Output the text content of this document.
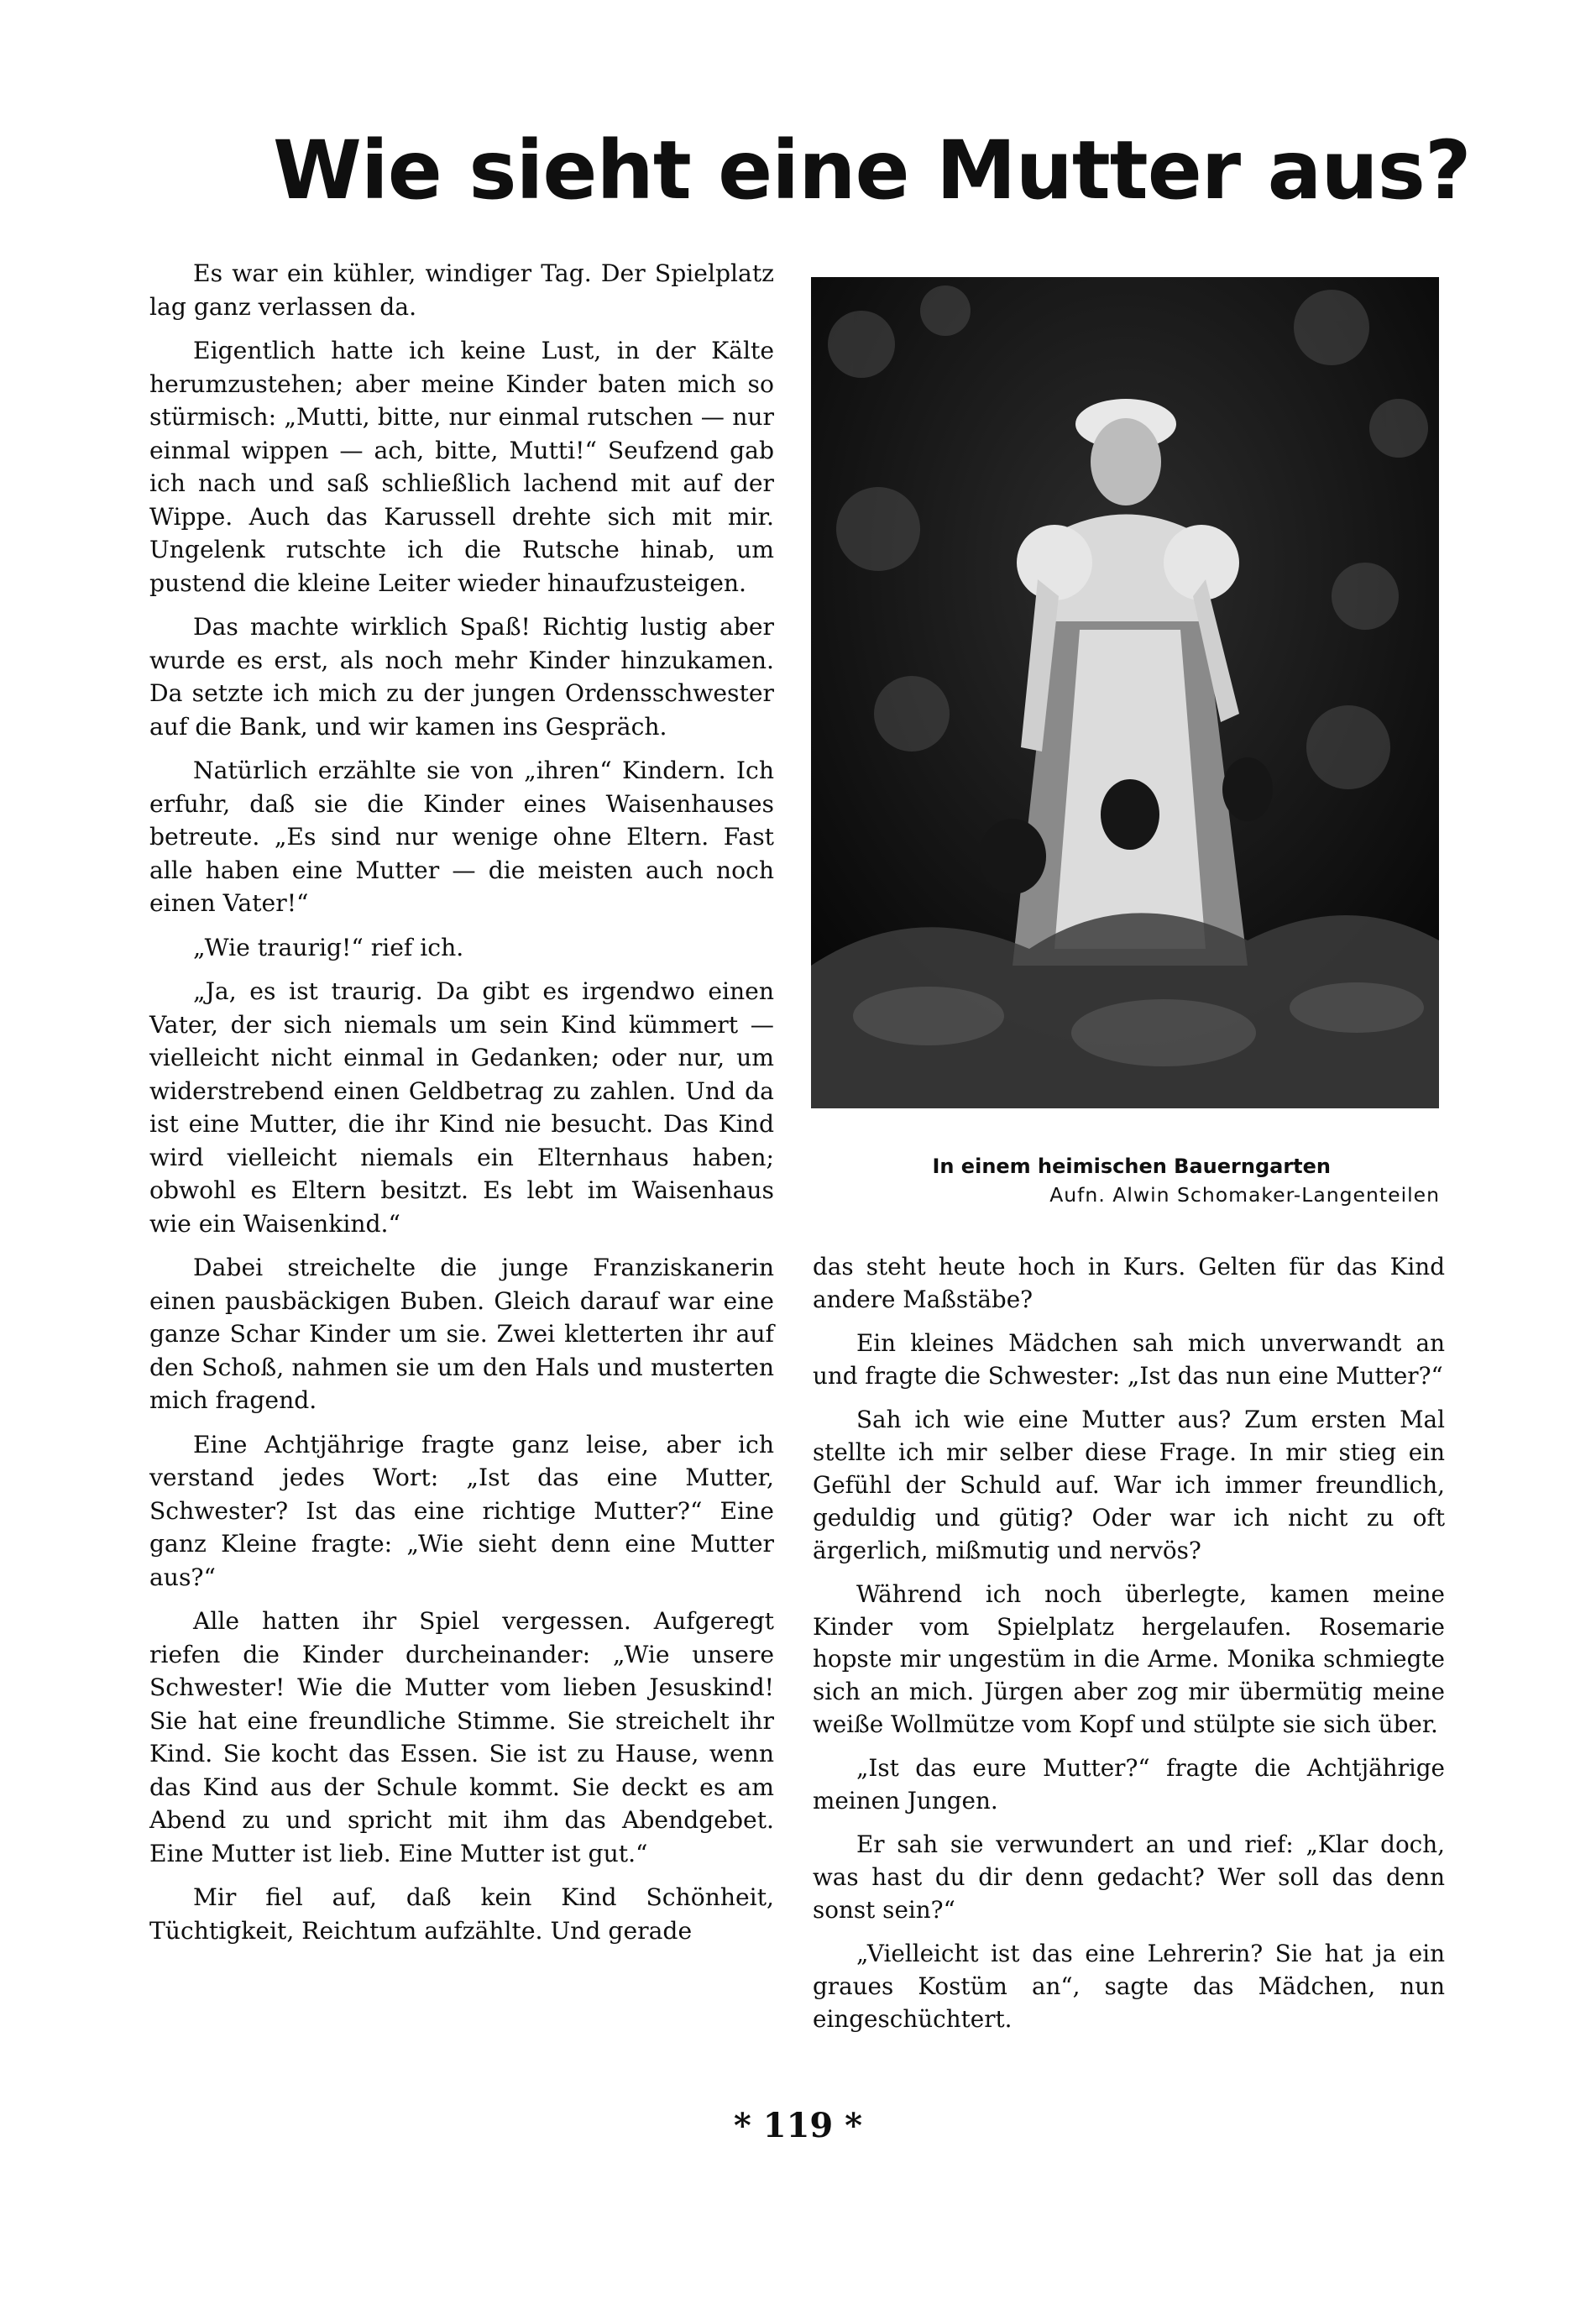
Wie sieht eine Mutter aus?

Es war ein kühler, windiger Tag. Der Spielplatz lag ganz verlassen da.

Eigentlich hatte ich keine Lust, in der Kälte herumzustehen; aber meine Kinder baten mich so stürmisch: „Mutti, bitte, nur einmal rutschen — nur einmal wippen — ach, bitte, Mutti!“ Seufzend gab ich nach und saß schließlich lachend mit auf der Wippe. Auch das Karussell drehte sich mit mir. Ungelenk rutschte ich die Rutsche hinab, um pustend die kleine Leiter wieder hinaufzusteigen.

Das machte wirklich Spaß! Richtig lustig aber wurde es erst, als noch mehr Kinder hinzukamen. Da setzte ich mich zu der jungen Ordensschwester auf die Bank, und wir kamen ins Gespräch.

Natürlich erzählte sie von „ihren“ Kindern. Ich erfuhr, daß sie die Kinder eines Waisenhauses betreute. „Es sind nur wenige ohne Eltern. Fast alle haben eine Mutter — die meisten auch noch einen Vater!“

„Wie traurig!“ rief ich.

„Ja, es ist traurig. Da gibt es irgendwo einen Vater, der sich niemals um sein Kind kümmert — vielleicht nicht einmal in Gedanken; oder nur, um widerstrebend einen Geldbetrag zu zahlen. Und da ist eine Mutter, die ihr Kind nie besucht. Das Kind wird vielleicht niemals ein Elternhaus haben; obwohl es Eltern besitzt. Es lebt im Waisenhaus wie ein Waisenkind.“

Dabei streichelte die junge Franziskanerin einen pausbäckigen Buben. Gleich darauf war eine ganze Schar Kinder um sie. Zwei kletterten ihr auf den Schoß, nahmen sie um den Hals und musterten mich fragend.

Eine Achtjährige fragte ganz leise, aber ich verstand jedes Wort: „Ist das eine Mutter, Schwester? Ist das eine richtige Mutter?“ Eine ganz Kleine fragte: „Wie sieht denn eine Mutter aus?“

Alle hatten ihr Spiel vergessen. Aufgeregt riefen die Kinder durcheinander: „Wie unsere Schwester! Wie die Mutter vom lieben Jesuskind! Sie hat eine freundliche Stimme. Sie streichelt ihr Kind. Sie kocht das Essen. Sie ist zu Hause, wenn das Kind aus der Schule kommt. Sie deckt es am Abend zu und spricht mit ihm das Abendgebet. Eine Mutter ist lieb. Eine Mutter ist gut.“

Mir fiel auf, daß kein Kind Schönheit, Tüchtigkeit, Reichtum aufzählte. Und gerade

In einem heimischen Bauerngarten
Aufn. Alwin Schomaker-Langenteilen

das steht heute hoch in Kurs. Gelten für das Kind andere Maßstäbe?

Ein kleines Mädchen sah mich unverwandt an und fragte die Schwester: „Ist das nun eine Mutter?“

Sah ich wie eine Mutter aus? Zum ersten Mal stellte ich mir selber diese Frage. In mir stieg ein Gefühl der Schuld auf. War ich immer freundlich, geduldig und gütig? Oder war ich nicht zu oft ärgerlich, mißmutig und nervös?

Während ich noch überlegte, kamen meine Kinder vom Spielplatz hergelaufen. Rosemarie hopste mir ungestüm in die Arme. Monika schmiegte sich an mich. Jürgen aber zog mir übermütig meine weiße Wollmütze vom Kopf und stülpte sie sich über.

„Ist das eure Mutter?“ fragte die Achtjährige meinen Jungen.

Er sah sie verwundert an und rief: „Klar doch, was hast du dir denn gedacht? Wer soll das denn sonst sein?“

„Vielleicht ist das eine Lehrerin? Sie hat ja ein graues Kostüm an“, sagte das Mädchen, nun eingeschüchtert.

* 119 *
